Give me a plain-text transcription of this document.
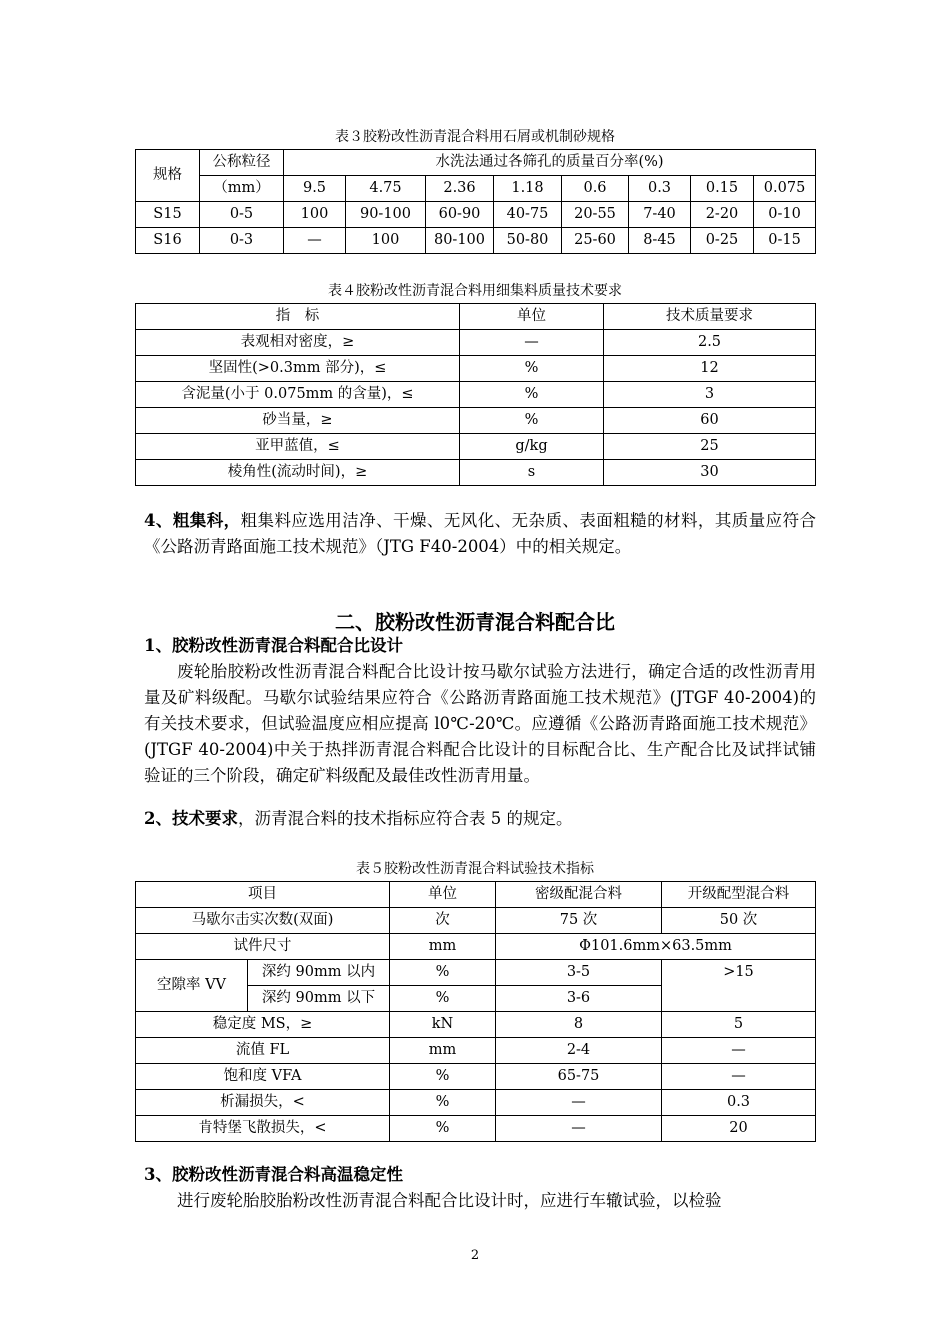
表３胶粉改性沥青混合料用石屑或机制砂规格
规格	公称粒径	水洗法通过各筛孔的质量百分率(%)							
	（mm）	9.5	4.75	2.36	1.18	0.6	0.3	0.15	0.075
S15	0-5	100	90-100	60-90	40-75	20-55	7-40	2-20	0-10
S16	0-3	—	100	80-100	50-80	25-60	8-45	0-25	0-15
表４胶粉改性沥青混合料用细集料质量技术要求
指　标	单位	技术质量要求
表观相对密度，≥	—	2.5
坚固性(>0.3mm 部分)，≤	%	12
含泥量(小于 0.075mm 的含量)，≤	%	3
砂当量，≥	%	60
亚甲蓝值，≤	g/kg	25
棱角性(流动时间)，≥	s	30
4、粗集科，粗集料应选用洁净、干燥、无风化、无杂质、表面粗糙的材料，其质量应符合《公路沥青路面施工技术规范》（JTG F40-2004）中的相关规定。
二、胶粉改性沥青混合料配合比
1、胶粉改性沥青混合料配合比设计
废轮胎胶粉改性沥青混合料配合比设计按马歇尔试验方法进行，确定合适的改性沥青用量及矿料级配。马歇尔试验结果应符合《公路沥青路面施工技术规范》(JTGF 40-2004)的有关技术要求，但试验温度应相应提高 l0℃-20℃。应遵循《公路沥青路面施工技术规范》(JTGF 40-2004)中关于热拌沥青混合料配合比设计的目标配合比、生产配合比及试拌试铺验证的三个阶段，确定矿料级配及最佳改性沥青用量。
2、技术要求，沥青混合料的技术指标应符合表 5 的规定。
表５胶粉改性沥青混合料试验技术指标
项目		单位	密级配混合料	开级配型混合料
马歇尔击实次数(双面)		次	75 次	50 次
试件尺寸		mm	Φ101.6mm×63.5mm	
空隙率 VV	深约 90mm 以内	%	3-5	>15
	深约 90mm 以下	%	3-6	
稳定度 MS，≥		kN	8	5
流值 FL		mm	2-4	—
饱和度 VFA		%	65-75	—
析漏损失，<		%	—	0.3
肯特堡飞散损失，<		%	—	20
3、胶粉改性沥青混合料高温稳定性
进行废轮胎胶胎粉改性沥青混合料配合比设计时，应进行车辙试验，以检验
2
